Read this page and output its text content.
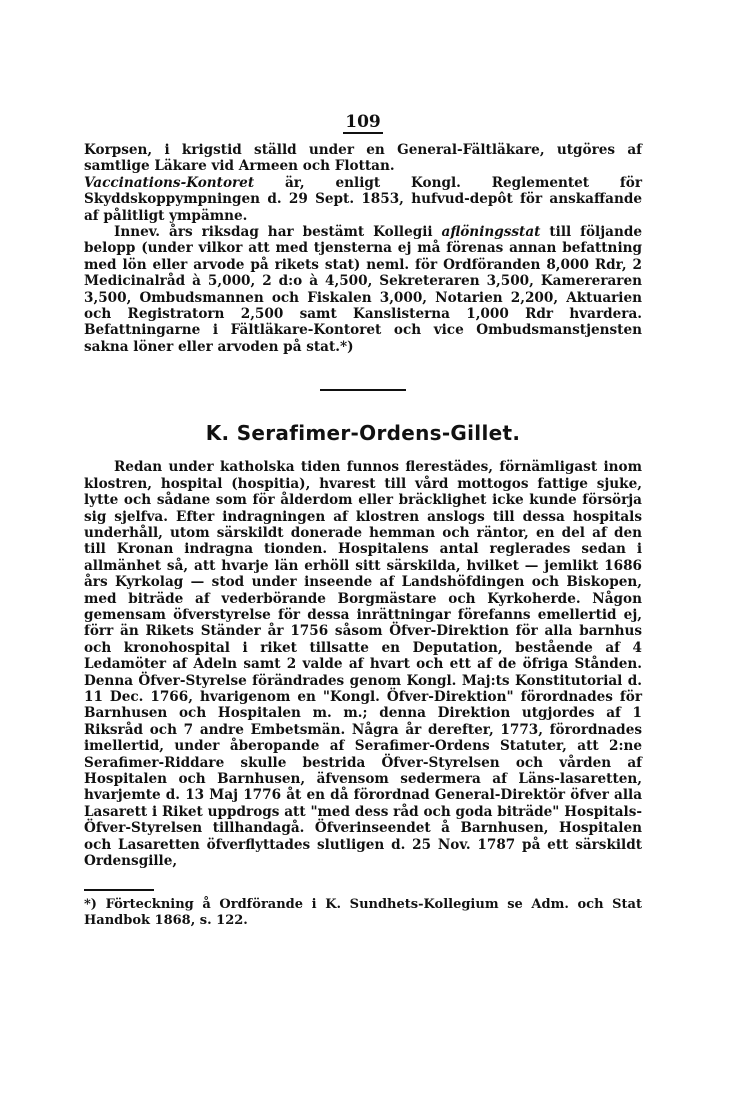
109

Korpsen, i krigstid ställd under en General-Fältläkare, utgöres af samtlige Läkare vid Armeen och Flottan.

Vaccinations-Kontoret är, enligt Kongl. Reglementet för Skyddskoppympningen d. 29 Sept. 1853, hufvud-depôt för anskaffande af pålitligt ympämne.

Innev. års riksdag har bestämt Kollegii aflöningsstat till följande belopp (under vilkor att med tjensterna ej må förenas annan befattning med lön eller arvode på rikets stat) neml. för Ordföranden 8,000 Rdr, 2 Medicinalråd à 5,000, 2 d:o à 4,500, Sekreteraren 3,500, Kamereraren 3,500, Ombudsmannen och Fiskalen 3,000, Notarien 2,200, Aktuarien och Registratorn 2,500 samt Kanslisterna 1,000 Rdr hvardera. Befattningarne i Fältläkare-Kontoret och vice Ombudsmanstjensten sakna löner eller arvoden på stat.*)

K. Serafimer-Ordens-Gillet.

Redan under katholska tiden funnos flerestädes, förnämligast inom klostren, hospital (hospitia), hvarest till vård mottogos fattige sjuke, lytte och sådane som för ålderdom eller bräcklighet icke kunde försörja sig sjelfva. Efter indragningen af klostren anslogs till dessa hospitals underhåll, utom särskildt donerade hemman och räntor, en del af den till Kronan indragna tionden. Hospitalens antal reglerades sedan i allmänhet så, att hvarje län erhöll sitt särskilda, hvilket — jemlikt 1686 års Kyrkolag — stod under inseende af Landshöfdingen och Biskopen, med biträde af vederbörande Borgmästare och Kyrkoherde. Någon gemensam öfverstyrelse för dessa inrättningar förefanns emellertid ej, förr än Rikets Ständer år 1756 såsom Öfver-Direktion för alla barnhus och kronohospital i riket tillsatte en Deputation, bestående af 4 Ledamöter af Adeln samt 2 valde af hvart och ett af de öfriga Stånden. Denna Öfver-Styrelse förändrades genom Kongl. Maj:ts Konstitutorial d. 11 Dec. 1766, hvarigenom en "Kongl. Öfver-Direktion" förordnades för Barnhusen och Hospitalen m. m.; denna Direktion utgjordes af 1 Riksråd och 7 andre Embetsmän. Några år derefter, 1773, förordnades imellertid, under åberopande af Serafimer-Ordens Statuter, att 2:ne Serafimer-Riddare skulle bestrida Öfver-Styrelsen och vården af Hospitalen och Barnhusen, äfvensom sedermera af Läns-lasaretten, hvarjemte d. 13 Maj 1776 åt en då förordnad General-Direktör öfver alla Lasarett i Riket uppdrogs att "med dess råd och goda biträde" Hospitals-Öfver-Styrelsen tillhandagå. Öfverinseendet å Barnhusen, Hospitalen och Lasaretten öfverflyttades slutligen d. 25 Nov. 1787 på ett särskildt Ordensgille,

*) Förteckning å Ordförande i K. Sundhets-Kollegium se Adm. och Stat Handbok 1868, s. 122.
